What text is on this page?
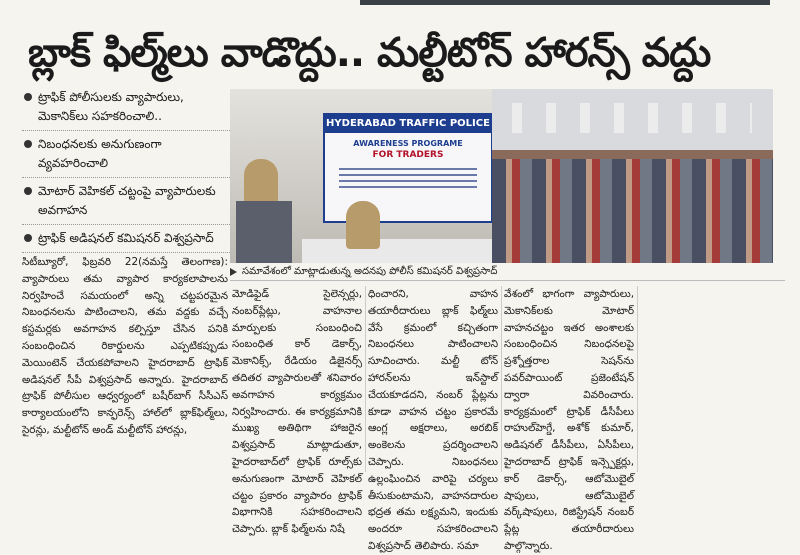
బ్లాక్ ఫిల్మ్‌లు వాడొద్దు.. మల్టీటోన్ హారన్స్ వద్దు
ట్రాఫిక్ పోలీసులకు వ్యాపారులు, మెకానిక్‌లు సహకరించాలి..
నిబంధనలకు అనుగుణంగా వ్యవహరించాలి
మోటార్ వెహికల్ చట్టంపై వ్యాపారులకు అవగాహన
ట్రాఫిక్ అడిషనల్ కమిషనర్ విశ్వప్రసాద్
HYDERABAD TRAFFIC POLICE
AWARENESS PROGRAME
FOR TRADERS
సమావేశంలో మాట్లాడుతున్న అదనపు పోలీస్ కమిషనర్ విశ్వప్రసాద్

సిటీబ్యూరో, ఫిబ్రవరి 22(నమస్తే తెలంగాణ): వ్యాపారులు తమ వ్యాపార కార్యకలాపాలను నిర్వహించే సమయంలో అన్ని చట్టపరమైన నిబంధనలను పాటించాలని, తమ వద్దకు వచ్చే కస్టమర్లకు అవగాహన కల్పిస్తూ చేసిన పనికి సంబంధించిన రికార్డులను ఎప్పటికప్పుడు మెయింటెన్ చేయకపోవాలని హైదరాబాద్ ట్రాఫిక్ అడిషనల్ సీపీ విశ్వప్రసాద్ అన్నారు. హైదరాబాద్ ట్రాఫిక్ పోలీసుల ఆధ్వర్యంలో బషీర్‌బాగ్ సీసీఎస్ కార్యాలయంలోని కాన్ఫరెన్స్ హాల్‌లో బ్లాక్‌ఫిల్మ్‌లు, సైరన్లు, మల్టీటోన్ అండ్ మల్టీటోన్ హారన్లు,

మోడిఫైడ్ సైలెన్సర్లు, నంబర్‌ప్లేట్లు, వాహనాల మార్పులకు సంబంధించి సంబంధిత కార్ డెకార్స్, మెకానిక్స్, రేడియం డిజైనర్స్ తదితర వ్యాపారులతో శనివారం అవగాహన కార్యక్రమం నిర్వహించారు. ఈ కార్యక్రమానికి ముఖ్య అతిథిగా హాజరైన విశ్వప్రసాద్ మాట్లాడుతూ, హైదరాబాద్‌లో ట్రాఫిక్ రూల్స్‌కు అనుగుణంగా మోటార్ వెహికల్ చట్టం ప్రకారం వ్యాపారం ట్రాఫిక్ విభాగానికి సహకరించాలని చెప్పారు. బ్లాక్ ఫిల్మ్‌లను నిషే

ధించారని, వాహన తయారీదారులు బ్లాక్ ఫిల్మ్‌లు వేసే క్రమంలో కచ్చితంగా నిబంధనలు పాటించాలని సూచించారు. మల్టీ టోన్ హారన్‌లను ఇన్‌స్టాల్ చేయకూడదని, నంబర్ ప్లేట్లను కూడా వాహన చట్టం ప్రకారమే ఆంగ్ల అక్షరాలు, అరబిక్ అంకెలను ప్రదర్శించాలని చెప్పారు. నిబంధనలు ఉల్లంఘించిన వారిపై చర్యలు తీసుకుంటామని, వాహనదారుల భద్రత తమ లక్ష్యమని, ఇందుకు అందరూ సహకరించాలని విశ్వప్రసాద్ తెలిపారు. సమా

వేశంలో భాగంగా వ్యాపారులు, మెకానిక్‌లకు మోటార్ వాహనచట్టం ఇతర అంశాలకు సంబంధించిన నిబంధనలపై ప్రశ్నోత్తరాల సెషన్‌ను పవర్‌పాయింట్ ప్రజెంటేషన్ ద్వారా వివరించారు. కార్యక్రమంలో ట్రాఫిక్ డీసీపీలు రాహుల్‌హెగ్డే, అశోక్ కుమార్, అడిషనల్ డీసీపీలు, ఏసీపీలు, హైదరాబాద్ ట్రాఫిక్ ఇన్స్పెక్టర్లు, కార్ డెకార్స్, ఆటోమొబైల్ షాపులు, ఆటోమొబైల్ వర్క్‌షాపులు, రిజిస్ట్రేషన్ నంబర్ ప్లేట్ల తయారీదారులు పాల్గొన్నారు.
